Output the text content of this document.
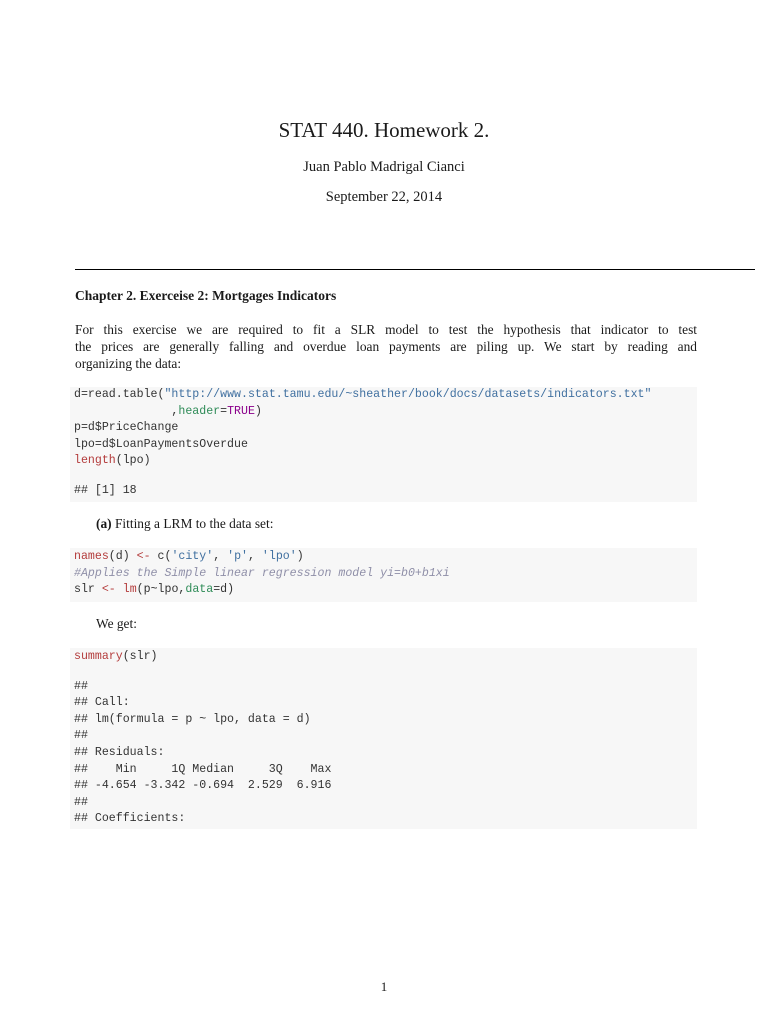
STAT 440. Homework 2.
Juan Pablo Madrigal Cianci
September 22, 2014
Chapter 2. Exerceise 2: Mortgages Indicators
For this exercise we are required to fit a SLR model to test the hypothesis that indicator to test
the prices are generally falling and overdue loan payments are piling up. We start by reading and
organizing the data:
d=read.table("http://www.stat.tamu.edu/~sheather/book/docs/datasets/indicators.txt"
,header=TRUE)
p=d$PriceChange
lpo=d$LoanPaymentsOverdue
length(lpo)
## [1] 18
(a) Fitting a LRM to the data set:
names(d) <- c('city', 'p', 'lpo')
#Applies the Simple linear regression model yi=b0+b1xi
slr <- lm(p~lpo,data=d)
We get:
summary(slr)
##
## Call:
## lm(formula = p ~ lpo, data = d)
##
## Residuals:
##    Min     1Q Median     3Q    Max
## -4.654 -3.342 -0.694  2.529  6.916
##
## Coefficients:
1
